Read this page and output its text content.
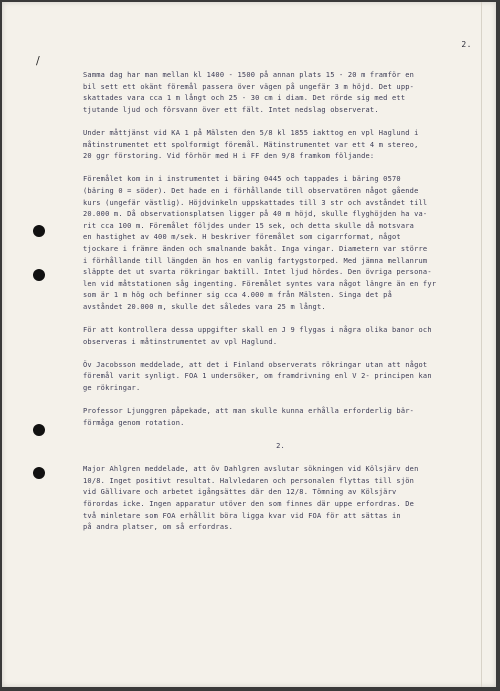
2.
/
Samma dag har man mellan kl 1400 - 1500 på annan plats 15 - 20 m framför en
bil sett ett okänt föremål passera över vägen på ungefär 3 m höjd. Det upp-
skattades vara cca 1 m långt och 25 - 30 cm i diam. Det rörde sig med ett
tjutande ljud och försvann över ett fält. Intet nedslag observerat.
Under måttjänst vid KA 1 på Mälsten den 5/8 kl 1855 iakttog en vpl Haglund i
måtinstrumentet ett spolformigt föremål. Mätinstrumentet var ett 4 m stereo,
20 ggr förstoring. Vid förhör med H i FF den 9/8 framkom följande:
Föremålet kom in i instrumentet i bäring 0445 och tappades i bäring 0570
(bäring 0 = söder). Det hade en i förhållande till observatören något gående
kurs (ungefär västlig). Höjdvinkeln uppskattades till 3 str och avståndet till
20.000 m. Då observationsplatsen ligger på 40 m höjd, skulle flyghöjden ha va-
rit cca 100 m. Föremålet följdes under 15 sek, och detta skulle då motsvara
en hastighet av 400 m/sek. H beskriver föremålet som cigarrformat, något
tjockare i främre änden och smalnande bakåt. Inga vingar. Diametern var större
i förhållande till längden än hos en vanlig fartygstorped. Med jämna mellanrum
släppte det ut svarta rökringar baktill. Intet ljud hördes. Den övriga persona-
len vid måtstationen såg ingenting. Föremålet syntes vara något längre än en fyr
som är 1 m hög och befinner sig cca 4.000 m från Mälsten. Singa det på
avståndet 20.000 m, skulle det således vara 25 m långt.
För att kontrollera dessa uppgifter skall en J 9 flygas i några olika banor och
observeras i måtinstrumentet av vpl Haglund.
Öv Jacobsson meddelade, att det i Finland observerats rökringar utan att något
föremål varit synligt. FOA 1 undersöker, om framdrivning enl V 2- principen kan
ge rökringar.
Professor Ljunggren påpekade, att man skulle kunna erhålla erforderlig bär-
förmåga genom rotation.
2.
Major Ahlgren meddelade, att öv Dahlgren avslutar sökningen vid Kölsjärv den
10/8. Inget positivt resultat. Halvledaren och personalen flyttas till sjön
vid Gällivare och arbetet igångsättes där den 12/8. Tömning av Kölsjärv
förordas icke. Ingen apparatur utöver den som finnes där uppe erfordras. De
två minletare som FOA erhållit böra ligga kvar vid FOA för att sättas in
på andra platser, om så erfordras.
